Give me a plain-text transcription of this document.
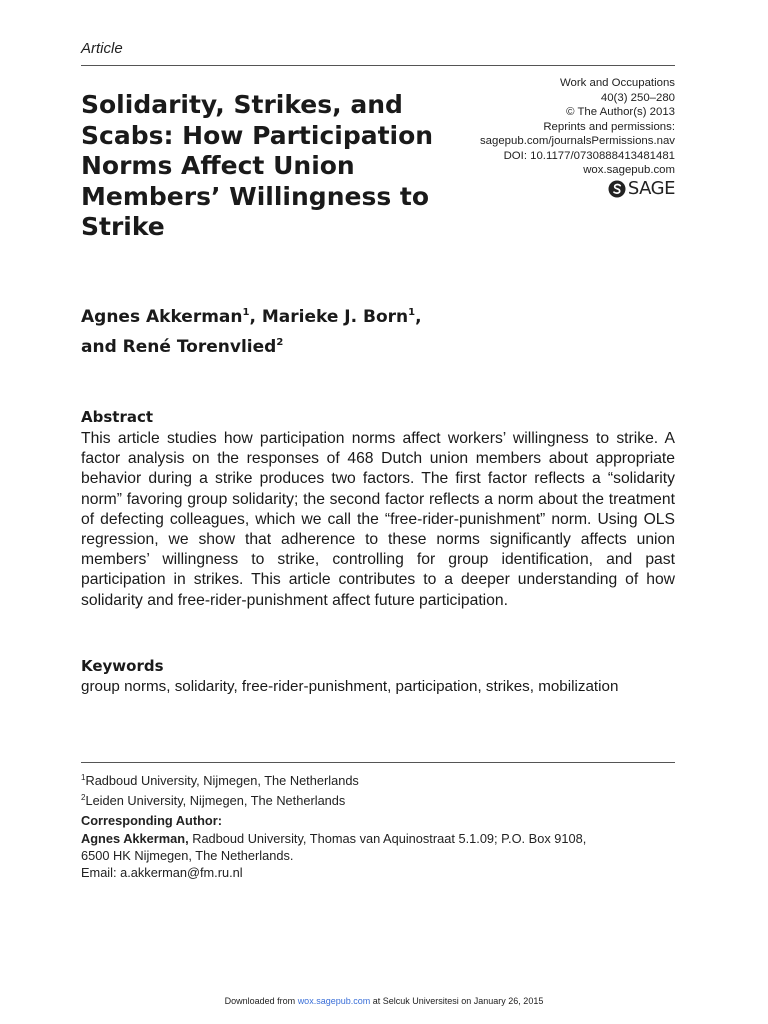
Article
Solidarity, Strikes, and Scabs: How Participation Norms Affect Union Members’ Willingness to Strike
Work and Occupations
40(3) 250–280
© The Author(s) 2013
Reprints and permissions:
sagepub.com/journalsPermissions.nav
DOI: 10.1177/0730888413481481
wox.sagepub.com
SAGE
Agnes Akkerman$^1$, Marieke J. Born$^1$,
and René Torenvlied$^2$
Abstract

This article studies how participation norms affect workers’ willingness to strike. A factor analysis on the responses of 468 Dutch union members about appropriate behavior during a strike produces two factors. The first factor reflects a “solidarity norm” favoring group solidarity; the second factor reflects a norm about the treatment of defecting colleagues, which we call the “free-rider-punishment” norm. Using OLS regression, we show that adherence to these norms significantly affects union members’ willingness to strike, controlling for group identification, and past participation in strikes. This article contributes to a deeper understanding of how solidarity and free-rider-punishment affect future participation.

Keywords
group norms, solidarity, free-rider-punishment, participation, strikes, mobilization
$^1$Radboud University, Nijmegen, The Netherlands
$^2$Leiden University, Nijmegen, The Netherlands
Corresponding Author:
Agnes Akkerman, Radboud University, Thomas van Aquinostraat 5.1.09; P.O. Box 9108,
6500 HK Nijmegen, The Netherlands.
Email: a.akkerman@fm.ru.nl
Downloaded from wox.sagepub.com at Selcuk Universitesi on January 26, 2015
